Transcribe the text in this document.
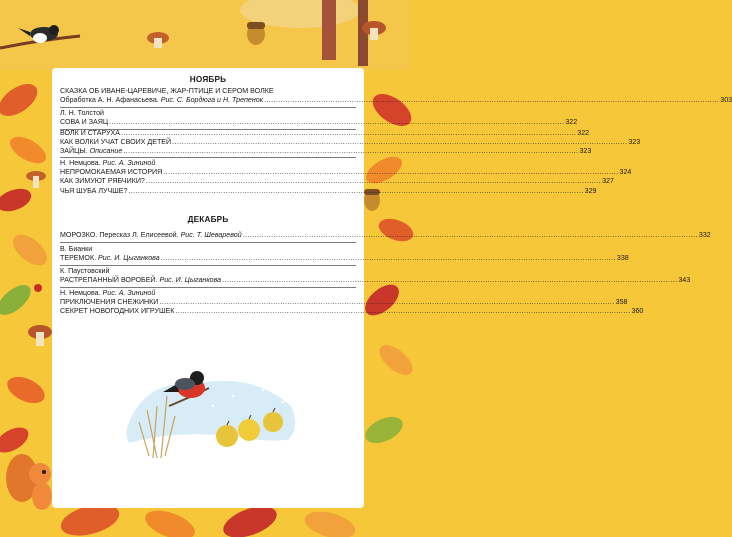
НОЯБРЬ
СКАЗКА ОБ ИВАНЕ-ЦАРЕВИЧЕ, ЖАР-ПТИЦЕ И СЕРОМ ВОЛКЕ
Обработка А. Н. Афанасьева. Рис. С. Бордюга и Н. Трепенок .....	303
Л. Н. Толстой
СОВА И ЗАЯЦ .....	322
ВОЛК И СТАРУХА .....	322
КАК ВОЛКИ УЧАТ СВОИХ ДЕТЕЙ .....	323
ЗАЙЦЫ. Описание .....	323
Н. Немцова. Рис. А. Зининой
НЕПРОМОКАЕМАЯ ИСТОРИЯ .....	324
КАК ЗИМУЮТ РЯБЧИКИ? .....	327
ЧЬЯ ШУБА ЛУЧШЕ? .....	329
ДЕКАБРЬ
МОРОЗКО. Пересказ Л. Елисеевой. Рис. Т. Шеваревой .....	332
В. Бианки
ТЕРЕМОК. Рис. И. Цыганкова .....	338
К. Паустовский
РАСТРЕПАННЫЙ ВОРОБЕЙ. Рис. И. Цыганкова .....	343
Н. Немцова. Рис. А. Зининой
ПРИКЛЮЧЕНИЯ СНЕЖИНКИ .....	358
СЕКРЕТ НОВОГОДНИХ ИГРУШЕК .....	360
